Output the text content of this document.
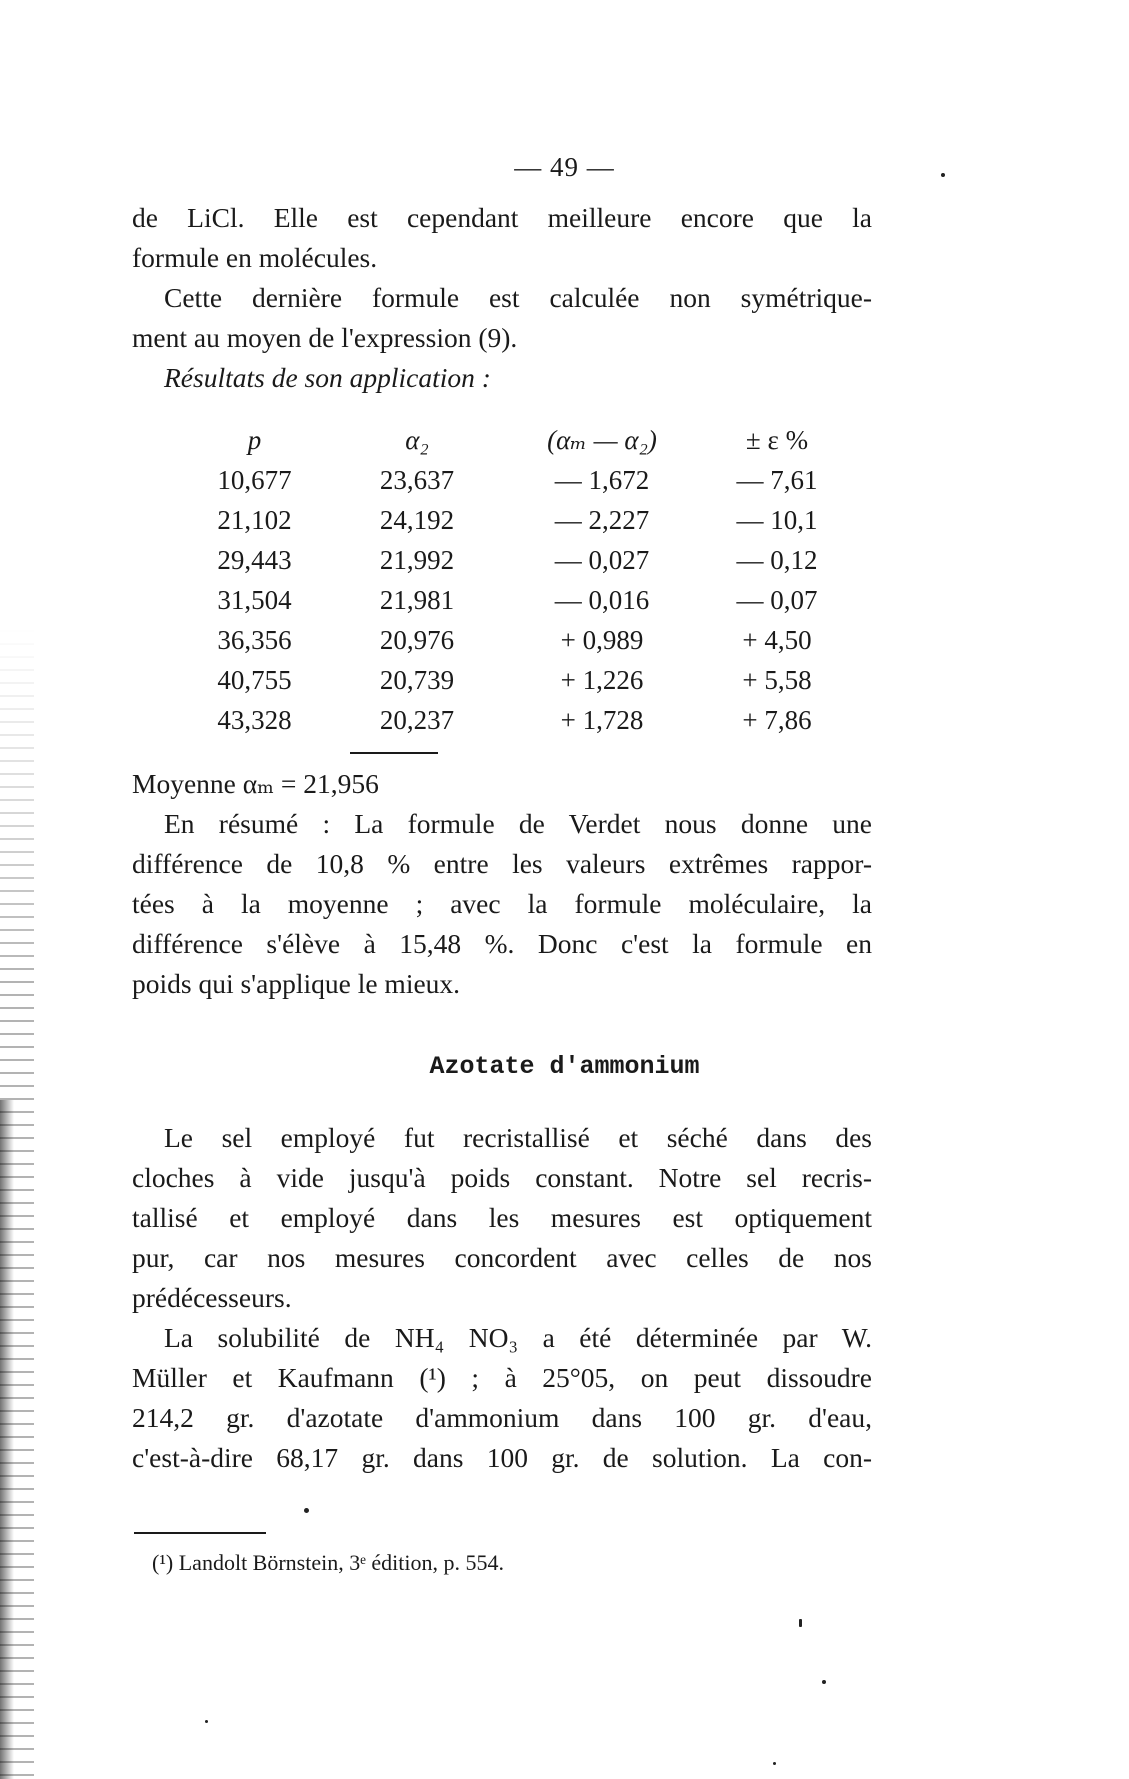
— 49 —
de LiCl. Elle est cependant meilleure encore que la
formule en molécules.
Cette dernière formule est calculée non symétrique-
ment au moyen de l'expression (9).
Résultats de son application :
p	α₂	(αₘ — α₂)	± ε %
10,677	23,637	— 1,672	— 7,61
21,102	24,192	— 2,227	— 10,1
29,443	21,992	— 0,027	— 0,12
31,504	21,981	— 0,016	— 0,07
36,356	20,976	+ 0,989	+ 4,50
40,755	20,739	+ 1,226	+ 5,58
43,328	20,237	+ 1,728	+ 7,86
Moyenne αₘ = 21,956
En résumé : La formule de Verdet nous donne une
différence de 10,8 % entre les valeurs extrêmes rappor-
tées à la moyenne ; avec la formule moléculaire, la
différence s'élève à 15,48 %. Donc c'est la formule en
poids qui s'applique le mieux.
Azotate d'ammonium
Le sel employé fut recristallisé et séché dans des
cloches à vide jusqu'à poids constant. Notre sel recris-
tallisé et employé dans les mesures est optiquement
pur, car nos mesures concordent avec celles de nos
prédécesseurs.
La solubilité de NH₄ NO₃ a été déterminée par W.
Müller et Kaufmann (¹) ; à 25°05, on peut dissoudre
214,2 gr. d'azotate d'ammonium dans 100 gr. d'eau,
c'est-à-dire 68,17 gr. dans 100 gr. de solution. La con-
(¹) Landolt Börnstein, 3ᵉ édition, p. 554.
